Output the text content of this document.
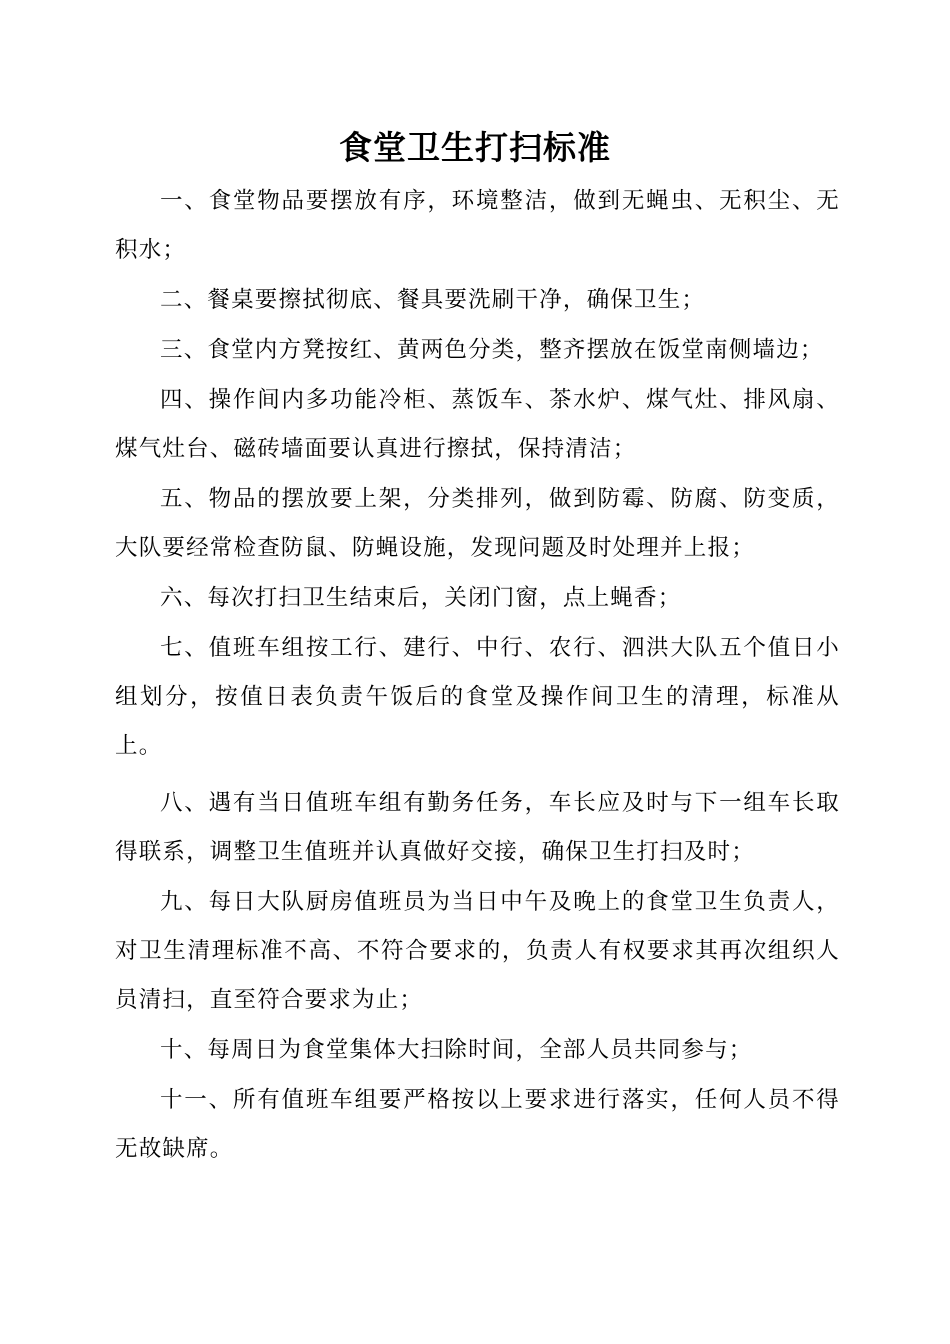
食堂卫生打扫标准

一、食堂物品要摆放有序，环境整洁，做到无蝇虫、无积尘、无积水；

二、餐桌要擦拭彻底、餐具要洗刷干净，确保卫生；

三、食堂内方凳按红、黄两色分类，整齐摆放在饭堂南侧墙边；

四、操作间内多功能冷柜、蒸饭车、茶水炉、煤气灶、排风扇、煤气灶台、磁砖墙面要认真进行擦拭，保持清洁；

五、物品的摆放要上架，分类排列，做到防霉、防腐、防变质，大队要经常检查防鼠、防蝇设施，发现问题及时处理并上报；

六、每次打扫卫生结束后，关闭门窗，点上蝇香；

七、值班车组按工行、建行、中行、农行、泗洪大队五个值日小组划分，按值日表负责午饭后的食堂及操作间卫生的清理，标准从上。

八、遇有当日值班车组有勤务任务，车长应及时与下一组车长取得联系，调整卫生值班并认真做好交接，确保卫生打扫及时；

九、每日大队厨房值班员为当日中午及晚上的食堂卫生负责人，对卫生清理标准不高、不符合要求的，负责人有权要求其再次组织人员清扫，直至符合要求为止；

十、每周日为食堂集体大扫除时间，全部人员共同参与；

十一、所有值班车组要严格按以上要求进行落实，任何人员不得无故缺席。
